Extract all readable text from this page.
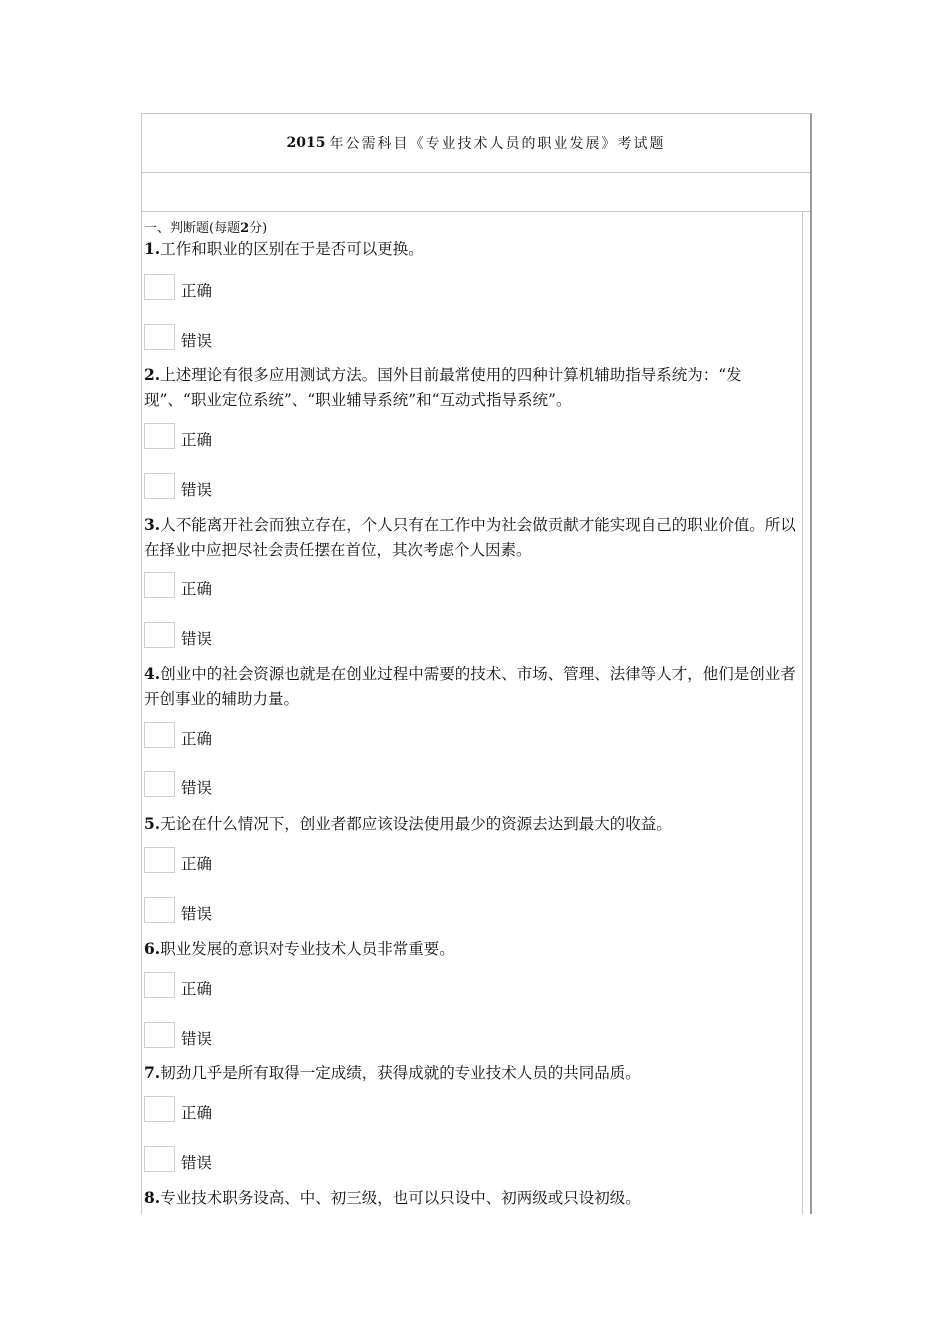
2015 年公需科目《专业技术人员的职业发展》考试题
一、判断题(每题2分)
1.工作和职业的区别在于是否可以更换。
正确
错误
2.上述理论有很多应用测试方法。国外目前最常使用的四种计算机辅助指导系统为：“发现”、“职业定位系统”、“职业辅导系统”和“互动式指导系统”。
正确
错误
3.人不能离开社会而独立存在，个人只有在工作中为社会做贡献才能实现自己的职业价值。所以在择业中应把尽社会责任摆在首位，其次考虑个人因素。
正确
错误
4.创业中的社会资源也就是在创业过程中需要的技术、市场、管理、法律等人才，他们是创业者开创事业的辅助力量。
正确
错误
5.无论在什么情况下，创业者都应该设法使用最少的资源去达到最大的收益。
正确
错误
6.职业发展的意识对专业技术人员非常重要。
正确
错误
7.韧劲几乎是所有取得一定成绩，获得成就的专业技术人员的共同品质。
正确
错误
8.专业技术职务设高、中、初三级，也可以只设中、初两级或只设初级。
